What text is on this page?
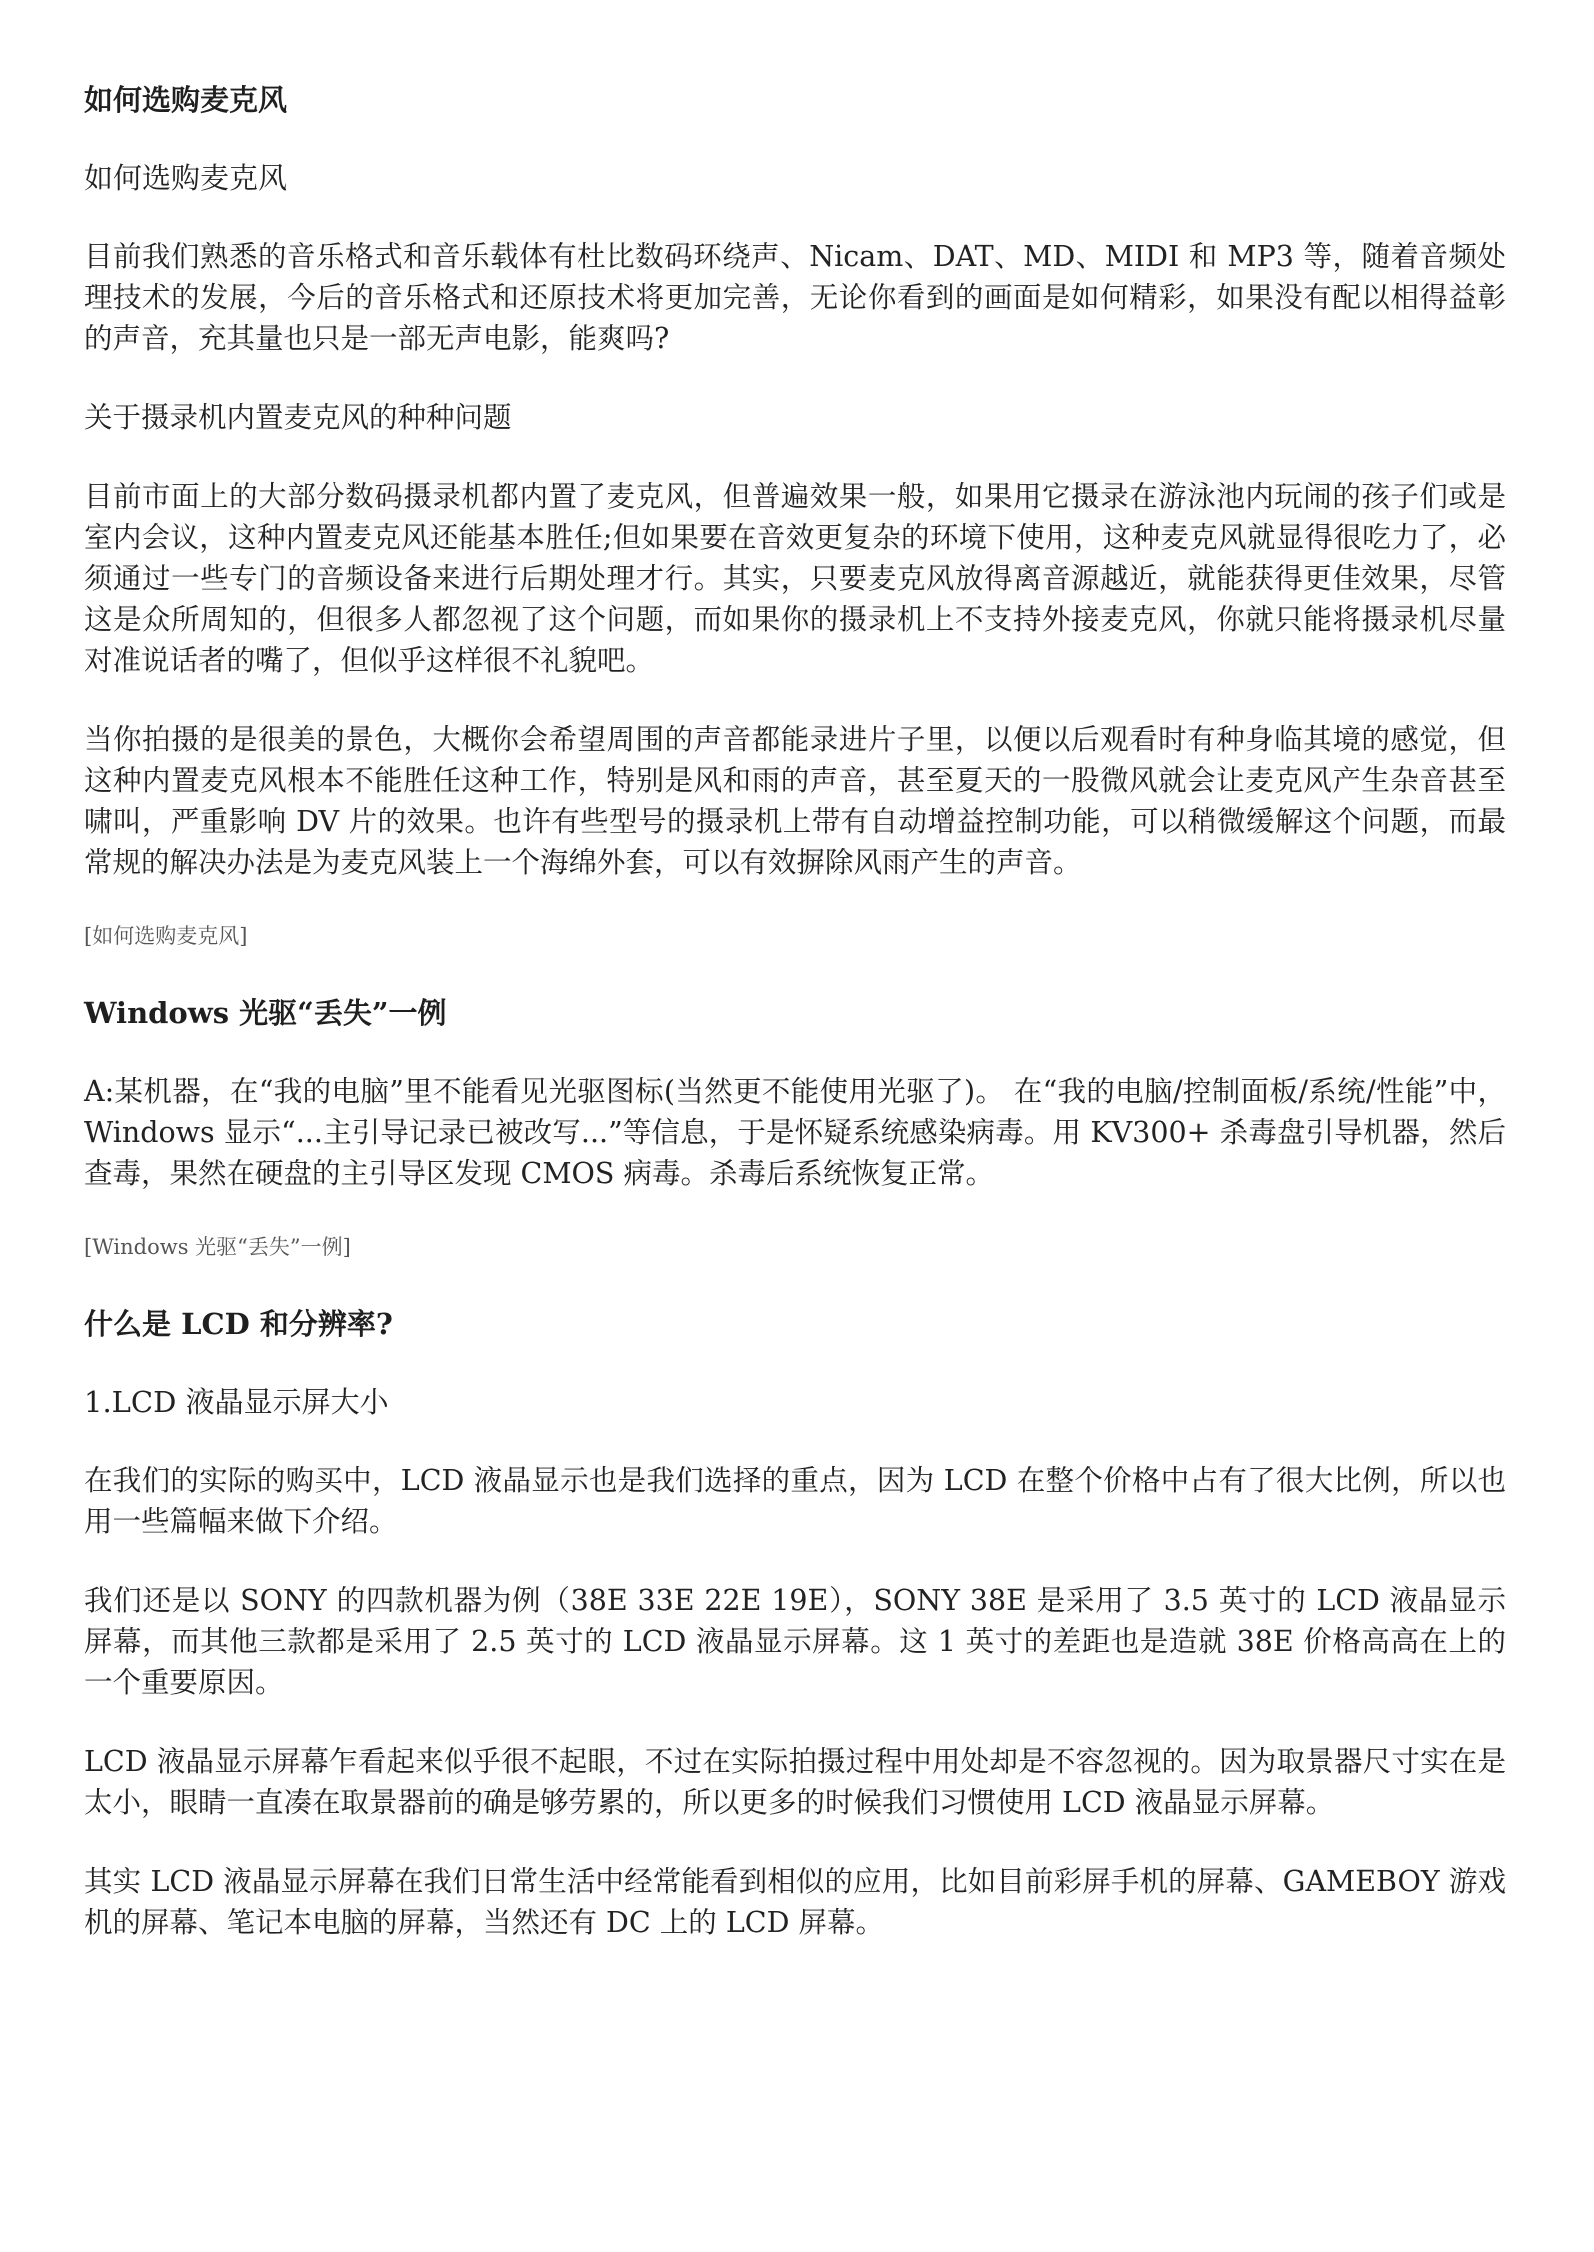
如何选购麦克风
如何选购麦克风
目前我们熟悉的音乐格式和音乐载体有杜比数码环绕声、Nicam、DAT、MD、MIDI 和 MP3 等，随着音频处理技术的发展，今后的音乐格式和还原技术将更加完善，无论你看到的画面是如何精彩，如果没有配以相得益彰的声音，充其量也只是一部无声电影，能爽吗?
关于摄录机内置麦克风的种种问题
目前市面上的大部分数码摄录机都内置了麦克风，但普遍效果一般，如果用它摄录在游泳池内玩闹的孩子们或是室内会议，这种内置麦克风还能基本胜任;但如果要在音效更复杂的环境下使用，这种麦克风就显得很吃力了，必须通过一些专门的音频设备来进行后期处理才行。其实，只要麦克风放得离音源越近，就能获得更佳效果，尽管这是众所周知的，但很多人都忽视了这个问题，而如果你的摄录机上不支持外接麦克风，你就只能将摄录机尽量对准说话者的嘴了，但似乎这样很不礼貌吧。
当你拍摄的是很美的景色，大概你会希望周围的声音都能录进片子里，以便以后观看时有种身临其境的感觉，但这种内置麦克风根本不能胜任这种工作，特别是风和雨的声音，甚至夏天的一股微风就会让麦克风产生杂音甚至啸叫，严重影响 DV 片的效果。也许有些型号的摄录机上带有自动增益控制功能，可以稍微缓解这个问题，而最常规的解决办法是为麦克风装上一个海绵外套，可以有效摒除风雨产生的声音。
[如何选购麦克风]
Windows 光驱“丢失”一例
A:某机器，在“我的电脑”里不能看见光驱图标(当然更不能使用光驱了)。 在“我的电脑/控制面板/系统/性能”中，Windows 显示“...主引导记录已被改写...”等信息，于是怀疑系统感染病毒。用 KV300+ 杀毒盘引导机器，然后查毒，果然在硬盘的主引导区发现 CMOS 病毒。杀毒后系统恢复正常。
[Windows 光驱“丢失”一例]
什么是 LCD 和分辨率?
1.LCD 液晶显示屏大小
在我们的实际的购买中，LCD 液晶显示也是我们选择的重点，因为 LCD 在整个价格中占有了很大比例，所以也用一些篇幅来做下介绍。
我们还是以 SONY 的四款机器为例（38E 33E 22E 19E），SONY 38E 是采用了 3.5 英寸的 LCD 液晶显示屏幕，而其他三款都是采用了 2.5 英寸的 LCD 液晶显示屏幕。这 1 英寸的差距也是造就 38E 价格高高在上的一个重要原因。
LCD 液晶显示屏幕乍看起来似乎很不起眼，不过在实际拍摄过程中用处却是不容忽视的。因为取景器尺寸实在是太小，眼睛一直凑在取景器前的确是够劳累的，所以更多的时候我们习惯使用 LCD 液晶显示屏幕。
其实 LCD 液晶显示屏幕在我们日常生活中经常能看到相似的应用，比如目前彩屏手机的屏幕、GAMEBOY 游戏机的屏幕、笔记本电脑的屏幕，当然还有 DC 上的 LCD 屏幕。
